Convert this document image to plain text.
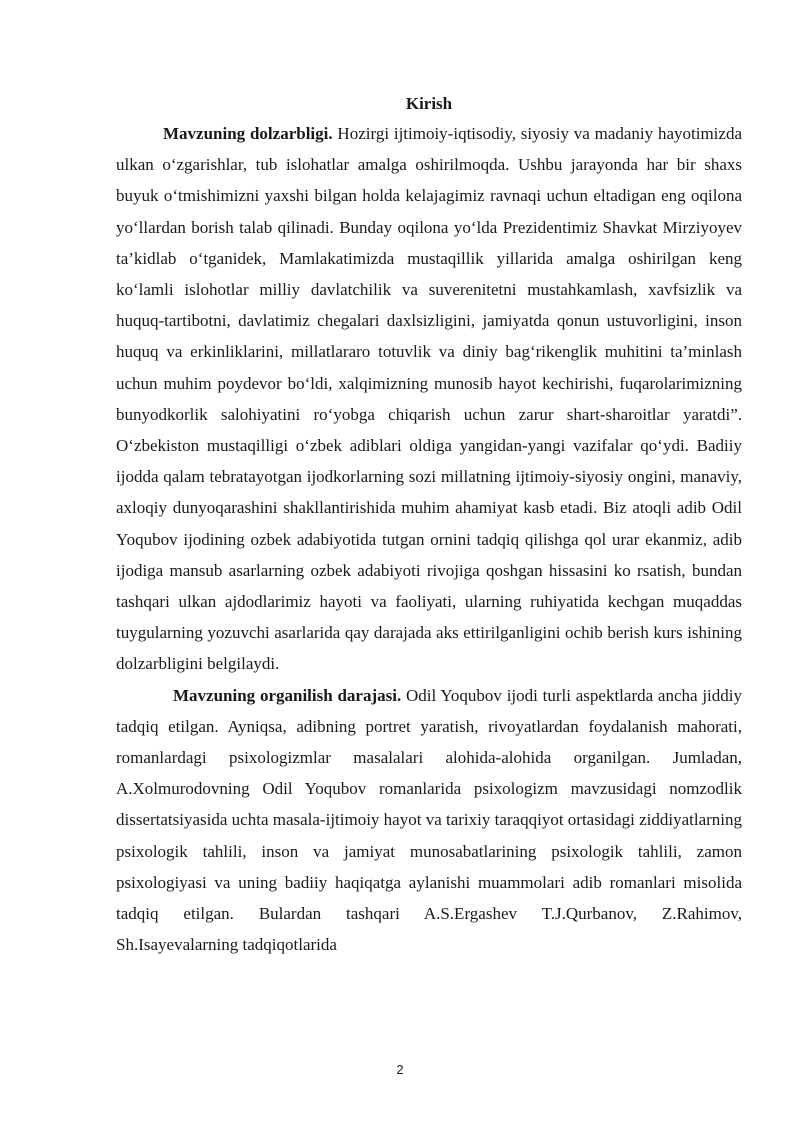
Kirish

Mavzuning dolzarbligi. Hozirgi ijtimoiy-iqtisodiy, siyosiy va madaniy hayotimizda ulkan o‘zgarishlar, tub islohatlar amalga oshirilmoqda. Ushbu jarayonda har bir shaxs buyuk o‘tmishimizni yaxshi bilgan holda kelajagimiz ravnaqi uchun eltadigan eng oqilona yo‘llardan borish talab qilinadi. Bunday oqilona yo‘lda Prezidentimiz Shavkat Mirziyoyev ta’kidlab o‘tganidek, Mamlakatimizda mustaqillik yillarida amalga oshirilgan keng ko‘lamli islohotlar milliy davlatchilik va suverenitetni mustahkamlash, xavfsizlik va huquq-tartibotni, davlatimiz chegalari daxlsizligini, jamiyatda qonun ustuvorligini, inson huquq va erkinliklarini, millatlararo totuvlik va diniy bag‘rikenglik muhitini ta’minlash uchun muhim poydevor bo‘ldi, xalqimizning munosib hayot kechirishi, fuqarolarimizning bunyodkorlik salohiyatini ro‘yobga chiqarish uchun zarur shart-sharoitlar yaratdi”. O‘zbekiston mustaqilligi o‘zbek adiblari oldiga yangidan-yangi vazifalar qo‘ydi. Badiiy ijodda qalam tebratayotgan ijodkorlarning sozi millatning ijtimoiy-siyosiy ongini, manaviy, axloqiy dunyoqarashini shakllantirishida muhim ahamiyat kasb etadi. Biz atoqli adib Odil Yoqubov ijodining ozbek adabiyotida tutgan ornini tadqiq qilishga qol urar ekanmiz, adib ijodiga mansub asarlarning ozbek adabiyoti rivojiga qoshgan hissasini ko rsatish, bundan tashqari ulkan ajdodlarimiz hayoti va faoliyati, ularning ruhiyatida kechgan muqaddas tuygularning yozuvchi asarlarida qay darajada aks ettirilganligini ochib berish kurs ishining dolzarbligini belgilaydi.

Mavzuning organilish darajasi. Odil Yoqubov ijodi turli aspektlarda ancha jiddiy tadqiq etilgan. Ayniqsa, adibning portret yaratish, rivoyatlardan foydalanish mahorati, romanlardagi psixologizmlar masalalari alohida-alohida organilgan. Jumladan, A.Xolmurodovning Odil Yoqubov romanlarida psixologizm mavzusidagi nomzodlik dissertatsiyasida uchta masala-ijtimoiy hayot va tarixiy taraqqiyot ortasidagi ziddiyatlarning psixologik tahlili, inson va jamiyat munosabatlarining psixologik tahlili, zamon psixologiyasi va uning badiiy haqiqatga aylanishi muammolari adib romanlari misolida tadqiq etilgan. Bulardan tashqari A.S.Ergashev T.J.Qurbanov, Z.Rahimov, Sh.Isayevalarning tadqiqotlarida

2
